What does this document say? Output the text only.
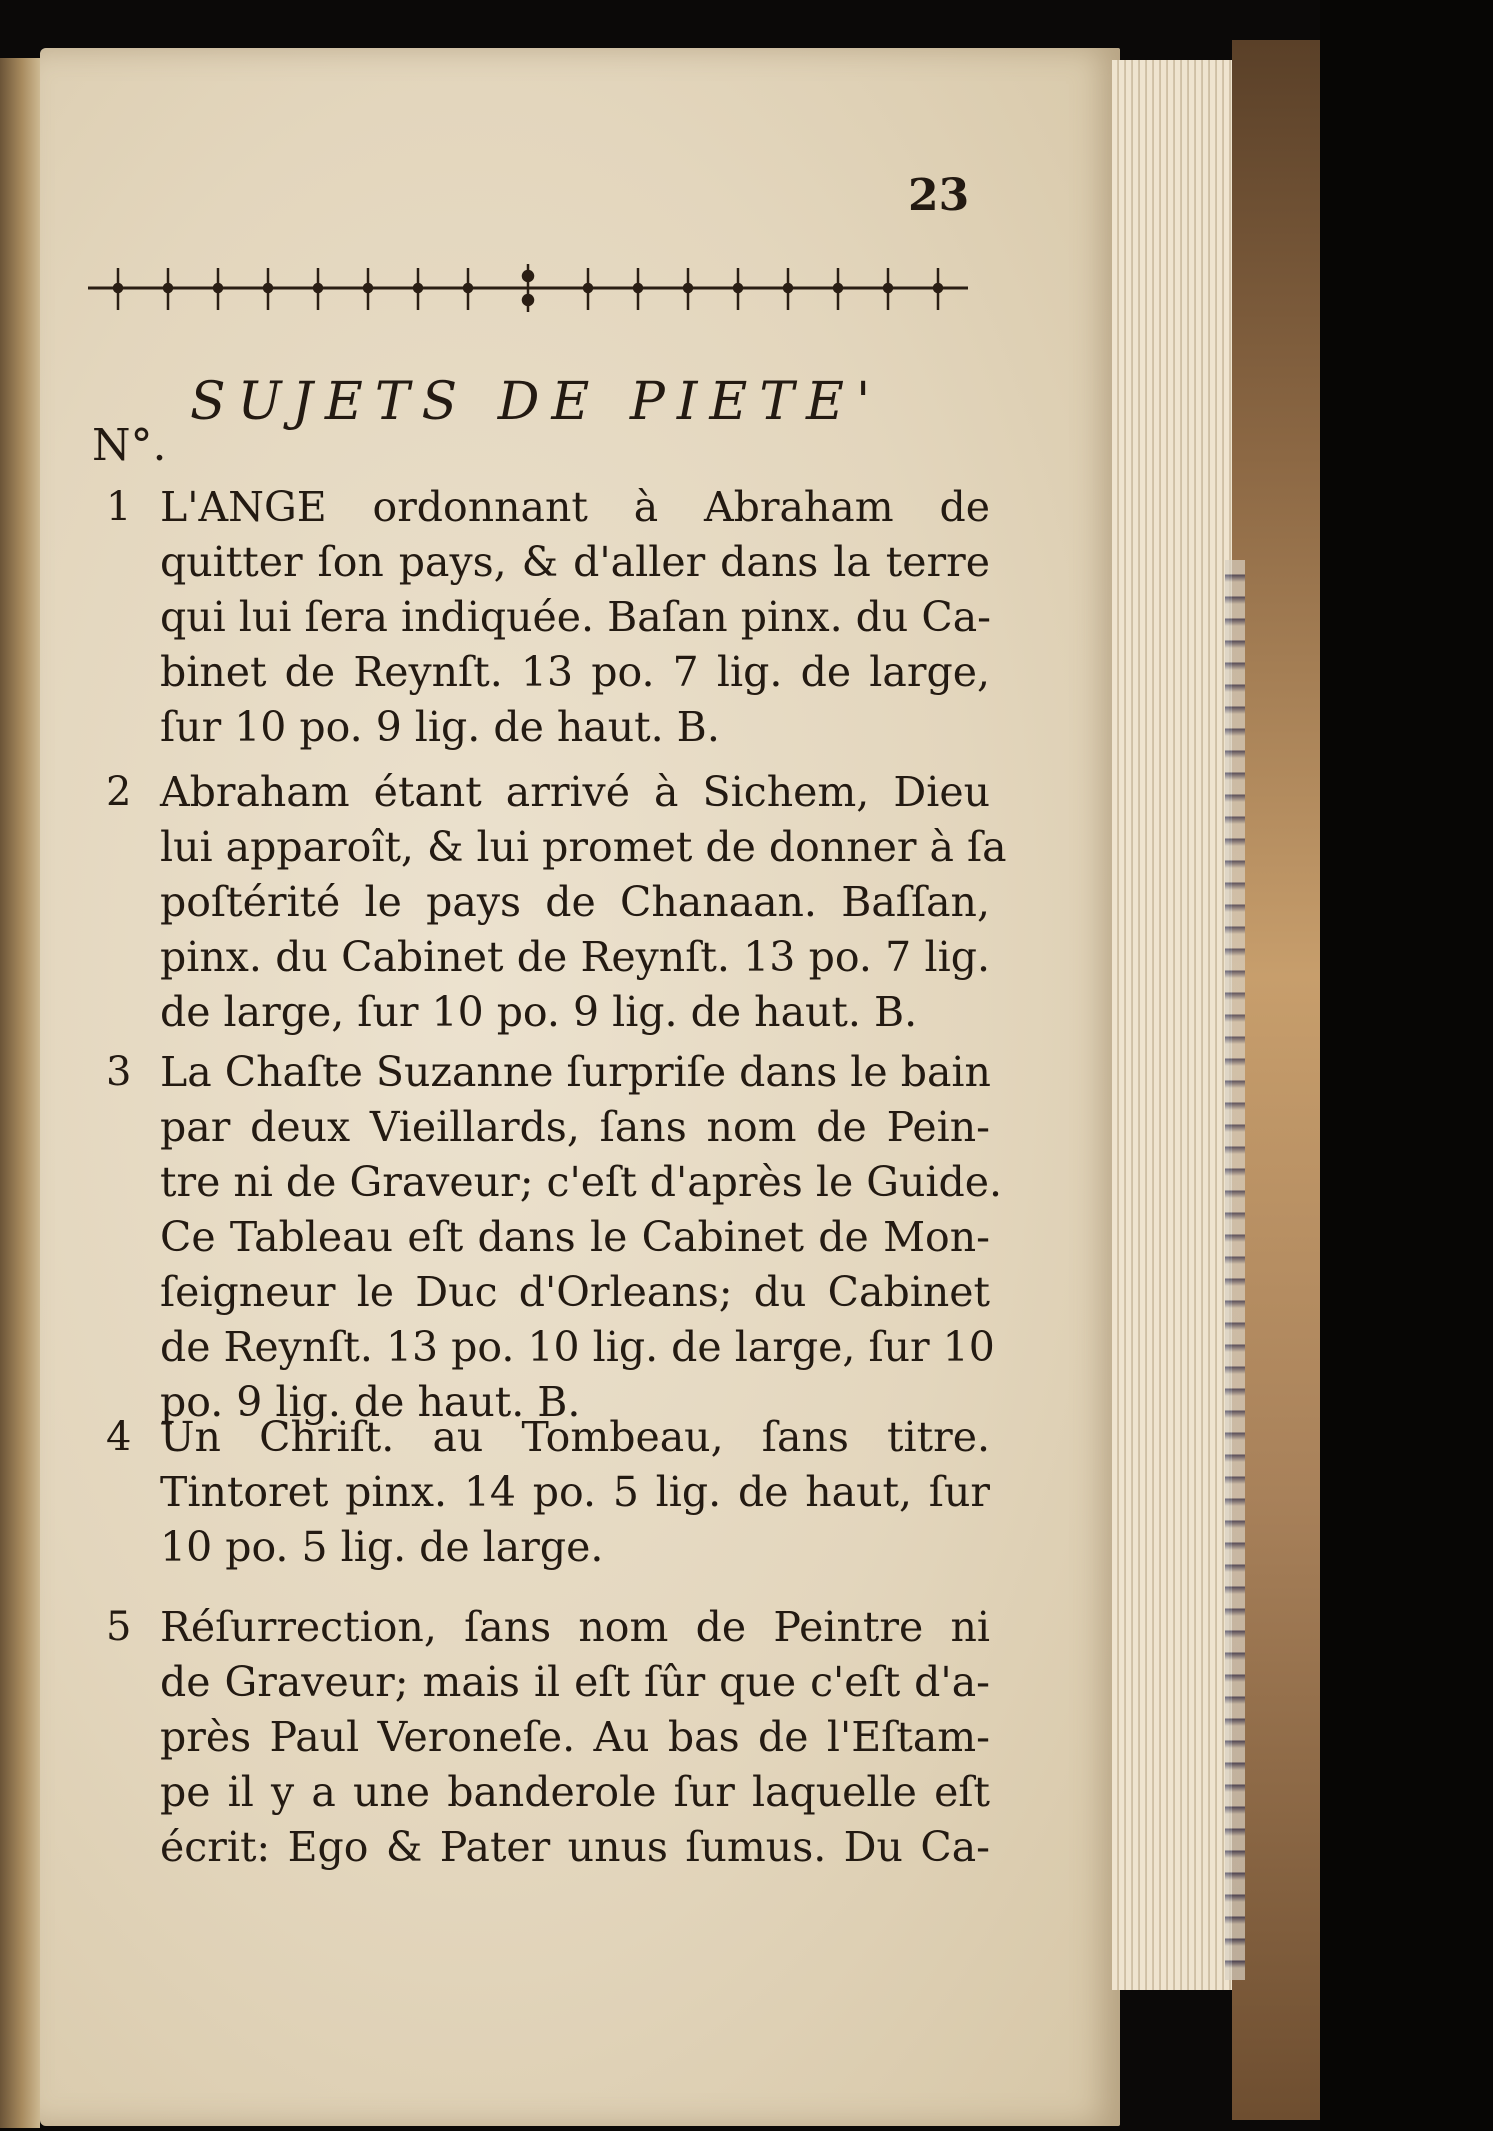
23
SUJETS DE PIETE'
N°.
1 L'ANGE ordonnant à Abraham de
quitter ſon pays, & d'aller dans la terre
qui lui ſera indiquée. Baſan pinx. du Ca-
binet de Reynſt. 13 po. 7 lig. de large,
ſur 10 po. 9 lig. de haut. B.
2 Abraham étant arrivé à Sichem, Dieu
lui apparoît, & lui promet de donner à ſa
poſtérité le pays de Chanaan. Baſſan,
pinx. du Cabinet de Reynſt. 13 po. 7 lig.
de large, ſur 10 po. 9 lig. de haut. B.
3 La Chaſte Suzanne ſurpriſe dans le bain
par deux Vieillards, ſans nom de Pein-
tre ni de Graveur; c'eſt d'après le Guide.
Ce Tableau eſt dans le Cabinet de Mon-
ſeigneur le Duc d'Orleans; du Cabinet
de Reynſt. 13 po. 10 lig. de large, ſur 10
po. 9 lig. de haut. B.
4 Un Chriſt. au Tombeau, ſans titre.
Tintoret pinx. 14 po. 5 lig. de haut, ſur
10 po. 5 lig. de large.
5 Réſurrection, ſans nom de Peintre ni
de Graveur; mais il eſt ſûr que c'eſt d'a-
près Paul Veroneſe. Au bas de l'Eſtam-
pe il y a une banderole ſur laquelle eſt
écrit: Ego & Pater unus ſumus. Du Ca-
